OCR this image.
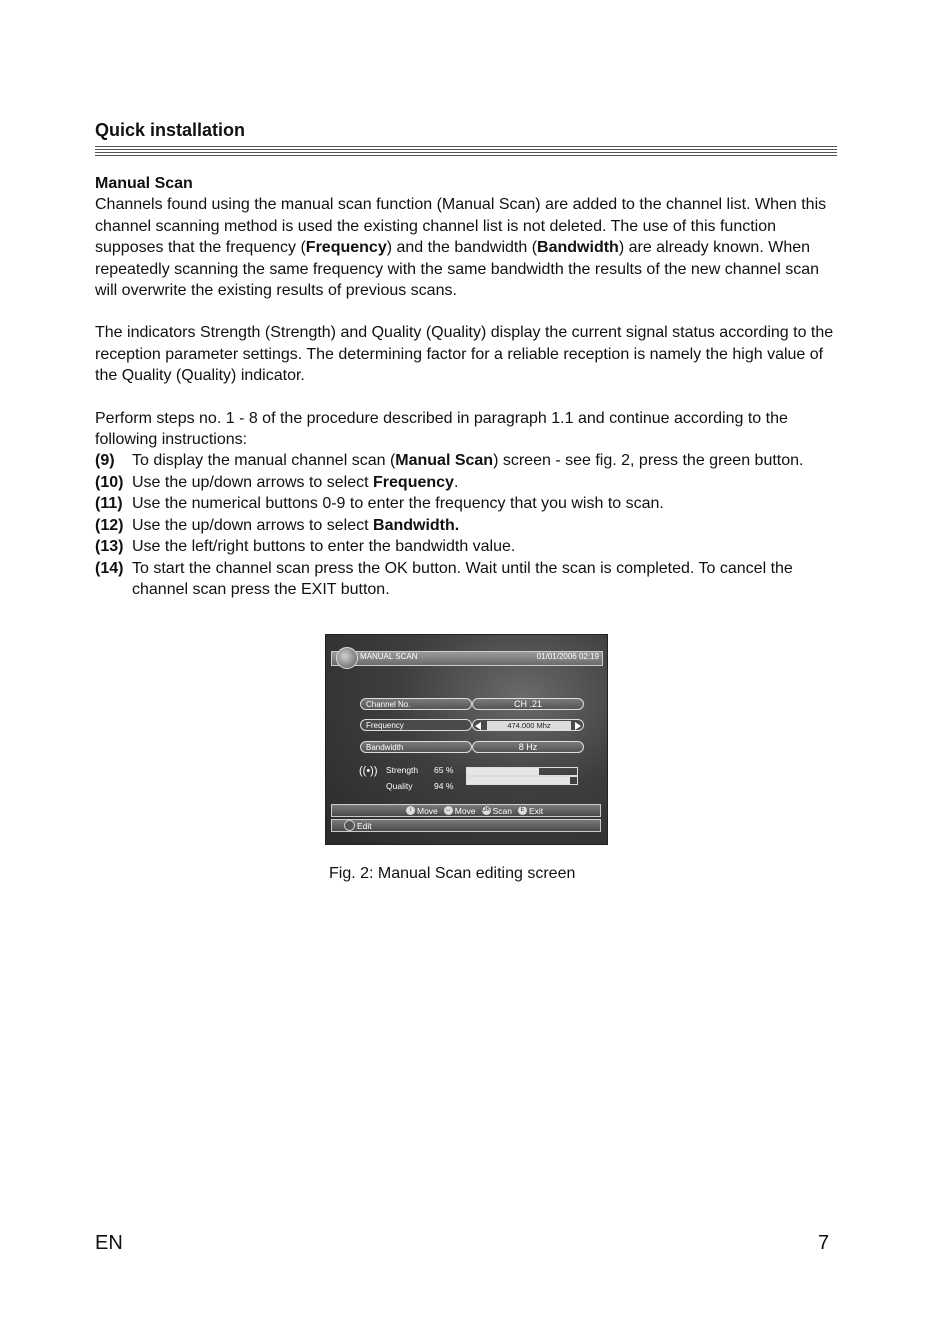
Quick installation

Manual Scan

Channels found using the manual scan function (Manual Scan) are added to the channel list. When this channel scanning method is used the existing channel list is not deleted. The use of this function supposes that the frequency (Frequency) and the bandwidth (Bandwidth) are already known. When repeatedly scanning the same frequency with the same bandwidth the results of the new channel scan will overwrite the existing results of previous scans.

The indicators Strength (Strength) and Quality (Quality) display the current signal status according to the reception parameter settings. The determining factor for a reliable reception is namely the high value of the Quality (Quality) indicator.

Perform steps no. 1 - 8 of the procedure described in paragraph 1.1 and continue according to the following instructions:

(9) To display the manual channel scan (Manual Scan) screen - see fig. 2, press the green button.
(10) Use the up/down arrows to select Frequency.
(11) Use the numerical buttons 0-9 to enter the frequency that you wish to scan.
(12) Use the up/down arrows to select Bandwidth.
(13) Use the left/right buttons to enter the bandwidth value.
(14) To start the channel scan press the OK button. Wait until the scan is completed. To cancel the channel scan press the EXIT button.
MANUAL SCAN	01/01/2006 02:19
Channel No.	CH .21
Frequency	474.000 Mhz
Bandwidth	8 Hz
((•)) Strength 65 %
Quality	94 %
↕ Move ↔ Move OK Scan	E Exit
Edit
Fig. 2: Manual Scan editing screen
EN	7
